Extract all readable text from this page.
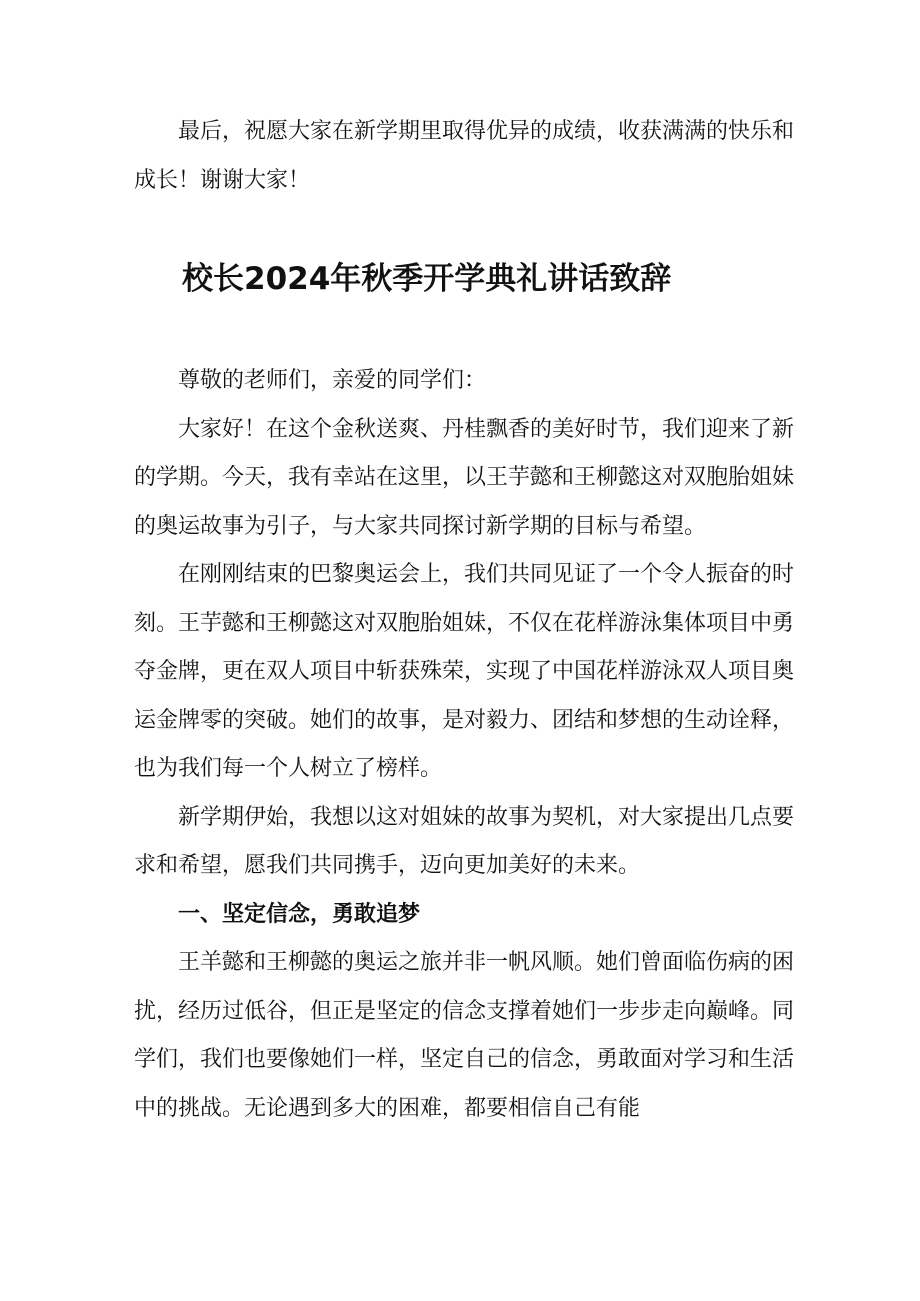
最后，祝愿大家在新学期里取得优异的成绩，收获满满的快乐和成长！谢谢大家！

校长2024年秋季开学典礼讲话致辞

尊敬的老师们，亲爱的同学们：

大家好！在这个金秋送爽、丹桂飘香的美好时节，我们迎来了新的学期。今天，我有幸站在这里，以王芋懿和王柳懿这对双胞胎姐妹的奥运故事为引子，与大家共同探讨新学期的目标与希望。

在刚刚结束的巴黎奥运会上，我们共同见证了一个令人振奋的时刻。王芋懿和王柳懿这对双胞胎姐妹，不仅在花样游泳集体项目中勇夺金牌，更在双人项目中斩获殊荣，实现了中国花样游泳双人项目奥运金牌零的突破。她们的故事，是对毅力、团结和梦想的生动诠释，也为我们每一个人树立了榜样。

新学期伊始，我想以这对姐妹的故事为契机，对大家提出几点要求和希望，愿我们共同携手，迈向更加美好的未来。

一、坚定信念，勇敢追梦

王羊懿和王柳懿的奥运之旅并非一帆风顺。她们曾面临伤病的困扰，经历过低谷，但正是坚定的信念支撑着她们一步步走向巅峰。同学们，我们也要像她们一样，坚定自己的信念，勇敢面对学习和生活中的挑战。无论遇到多大的困难，都要相信自己有能
